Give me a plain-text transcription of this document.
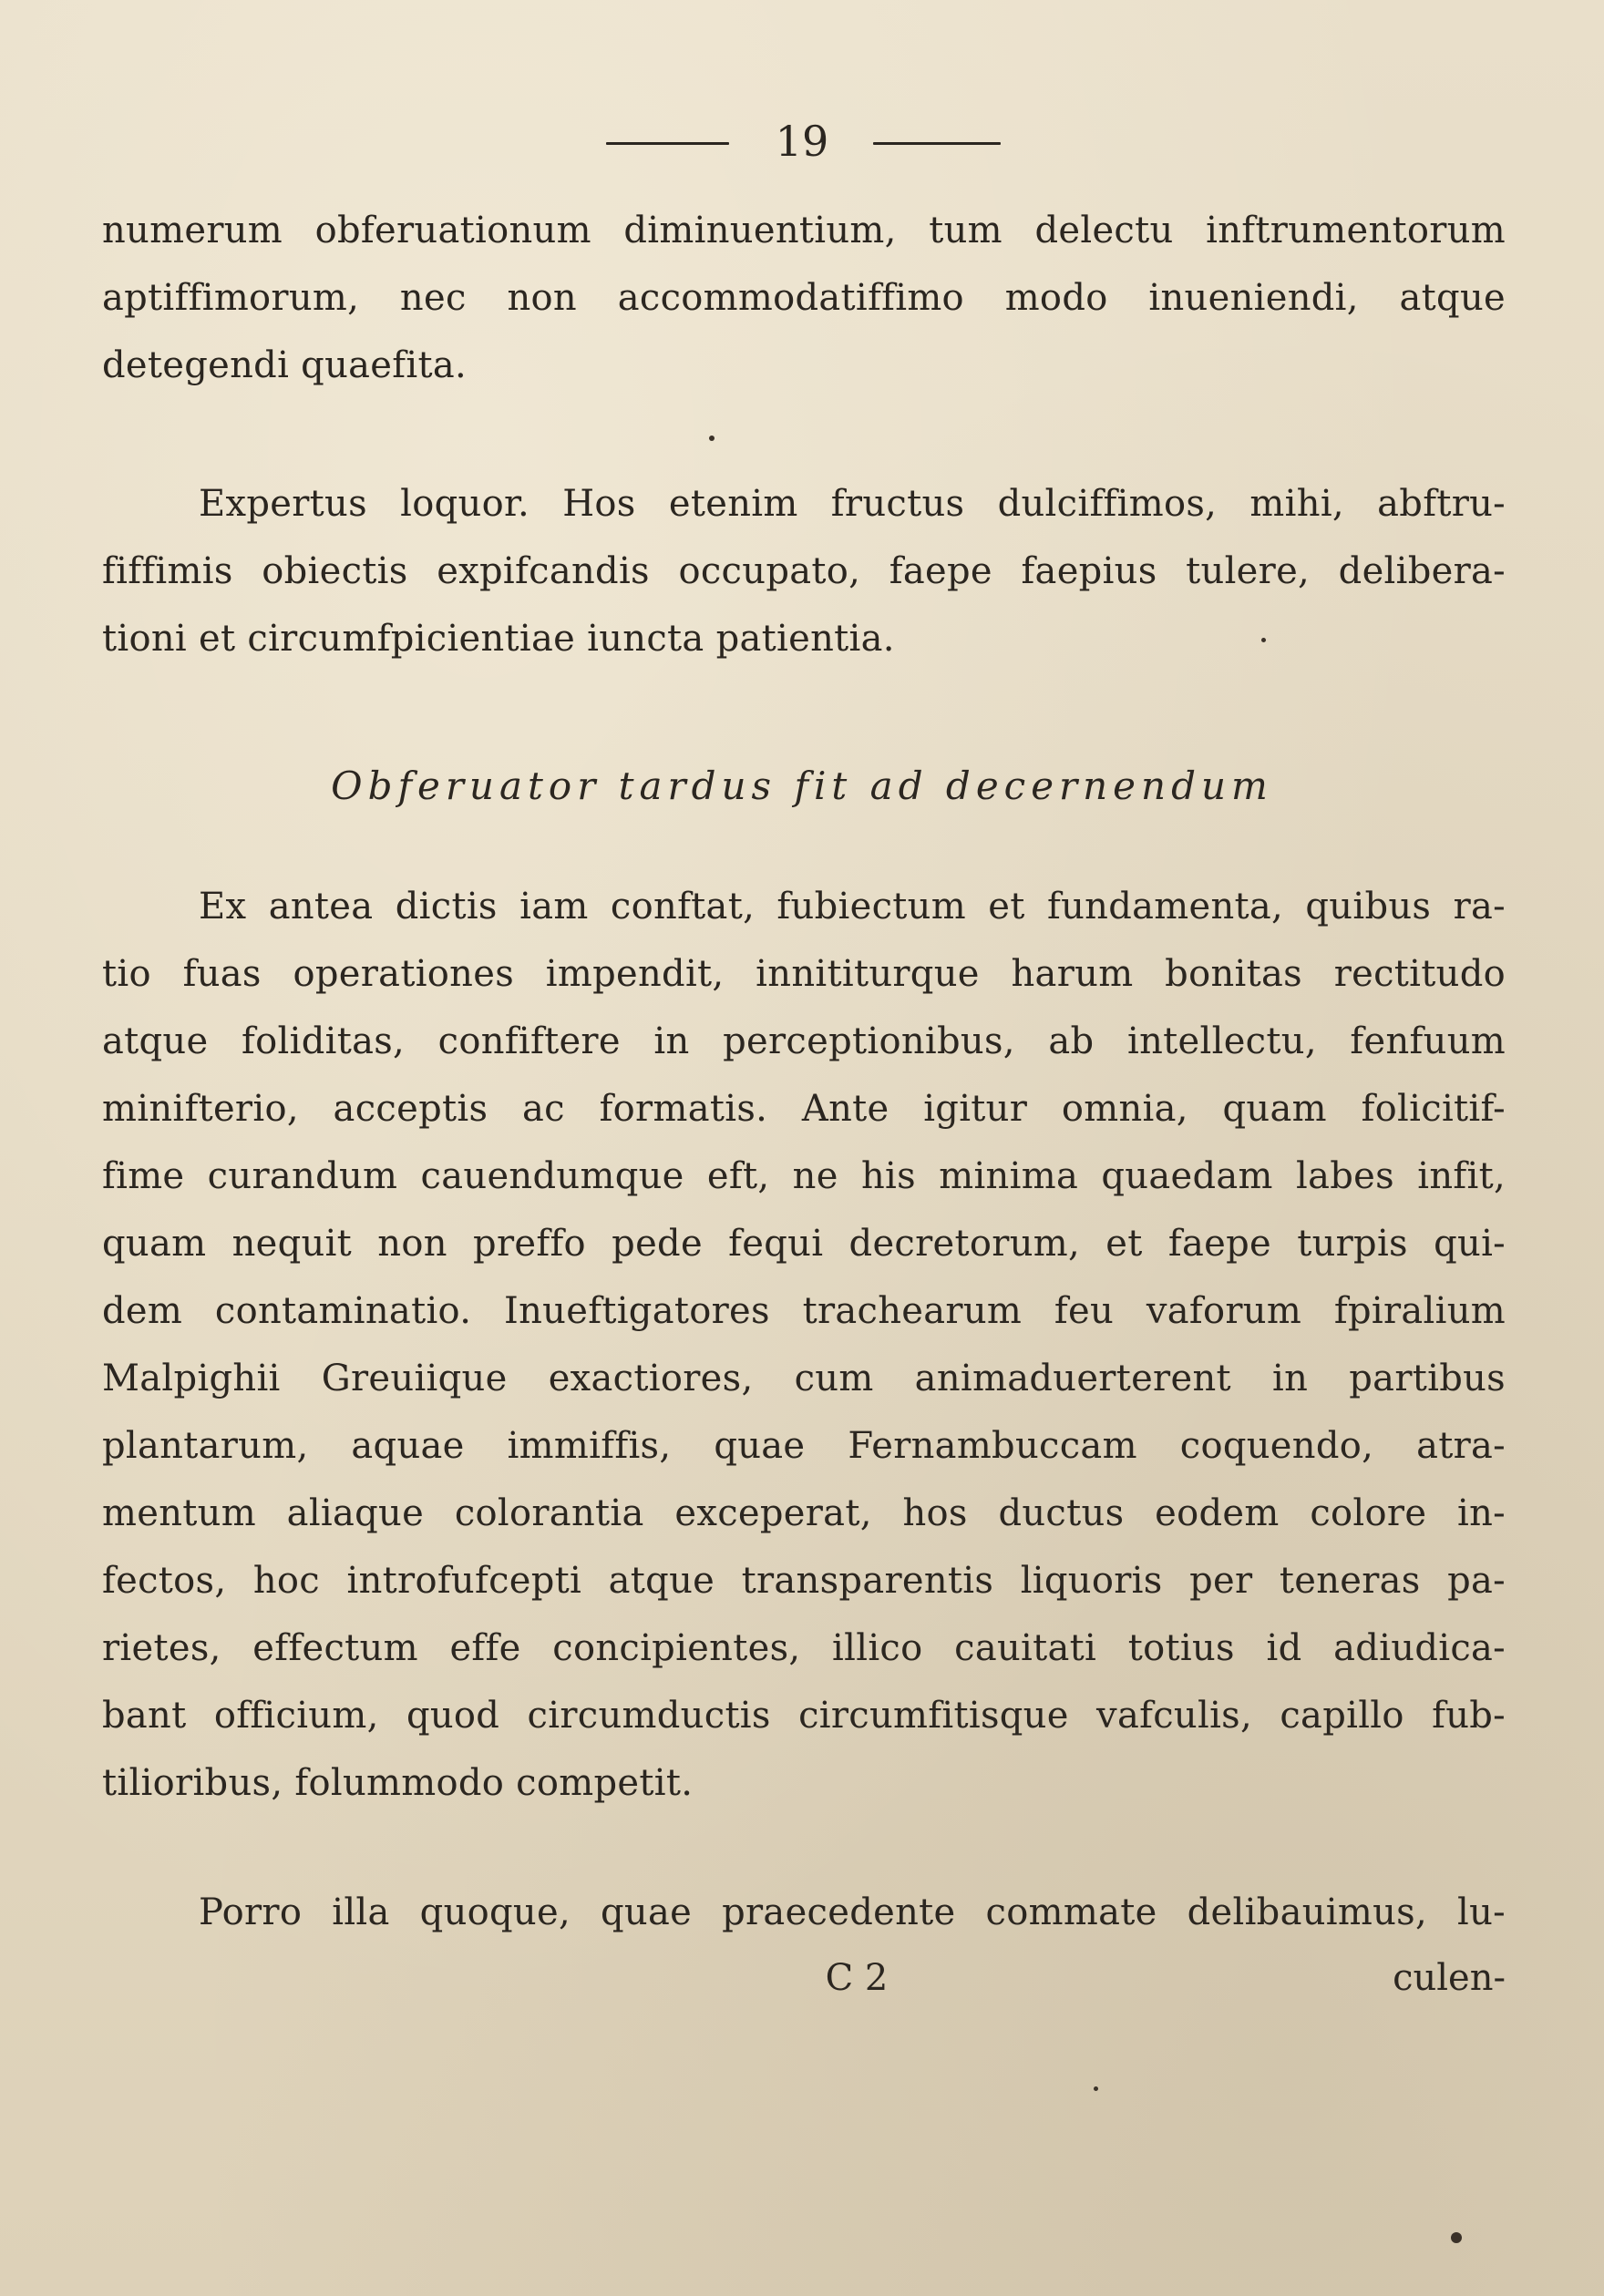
19
numerum obferuationum diminuentium, tum delectu inftrumentorum
aptiffimorum, nec non accommodatiffimo modo inueniendi, atque
detegendi quaefita.
Expertus loquor. Hos etenim fructus dulciffimos, mihi, abftru-
fiffimis obiectis expifcandis occupato, faepe faepius tulere, delibera-
tioni et circumfpicientiae iuncta patientia.
Obferuator tardus fit ad decernendum
Ex antea dictis iam conftat, fubiectum et fundamenta, quibus ra-
tio fuas operationes impendit, innititurque harum bonitas rectitudo
atque foliditas, confiftere in perceptionibus, ab intellectu, fenfuum
minifterio, acceptis ac formatis. Ante igitur omnia, quam folicitif-
fime curandum cauendumque eft, ne his minima quaedam labes infit,
quam nequit non preffo pede fequi decretorum, et faepe turpis qui-
dem contaminatio. Inueftigatores trachearum feu vaforum fpiralium
Malpighii Greuiique exactiores, cum animaduerterent in partibus
plantarum, aquae immiffis, quae Fernambuccam coquendo, atra-
mentum aliaque colorantia exceperat, hos ductus eodem colore in-
fectos, hoc introfufcepti atque transparentis liquoris per teneras pa-
rietes, effectum effe concipientes, illico cauitati totius id adiudica-
bant officium, quod circumductis circumfitisque vafculis, capillo fub-
tilioribus, folummodo competit.
Porro illa quoque, quae praecedente commate delibauimus, lu-
C 2	culen-
